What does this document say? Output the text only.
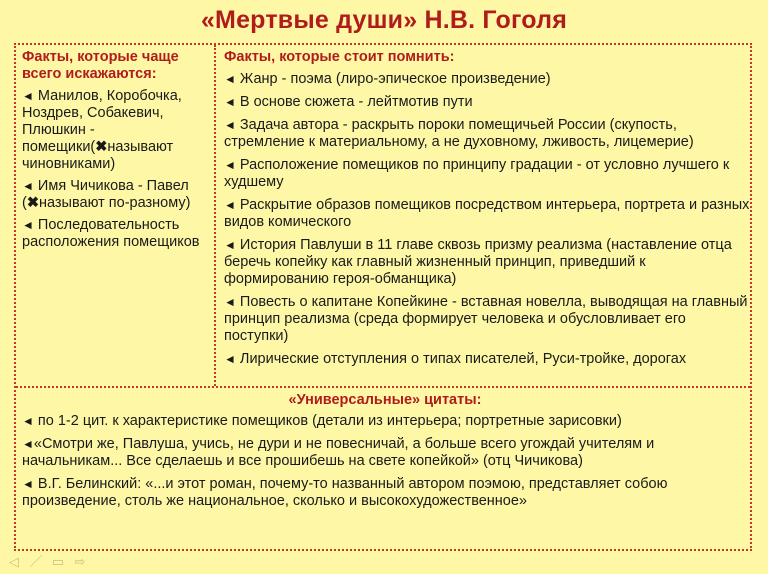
«Мертвые души» Н.В. Гоголя
Факты, которые чаще всего искажаются:
◄ Манилов, Коробочка, Ноздрев, Собакевич, Плюшкин - помещики(✖называют чиновниками)
◄ Имя Чичикова - Павел (✖называют по-разному)
◄ Последовательность расположения помещиков
Факты, которые стоит помнить:
◄ Жанр - поэма (лиро-эпическое произведение)
◄ В основе сюжета - лейтмотив пути
◄ Задача автора - раскрыть пороки помещичьей России (скупость, стремление к материальному, а не духовному, лживость, лицемерие)
◄ Расположение помещиков по принципу градации - от условно лучшего к худшему
◄ Раскрытие образов помещиков посредством интерьера, портрета и разных видов комического
◄ История Павлуши в 11 главе сквозь призму реализма (наставление отца беречь копейку как главный жизненный принцип, приведший к формированию героя-обманщика)
◄ Повесть о капитане Копейкине - вставная новелла, выводящая на главный принцип реализма (среда формирует человека и обусловливает его поступки)
◄ Лирические отступления о типах писателей, Руси-тройке, дорогах
«Универсальные» цитаты:
◄ по 1-2 цит. к характеристике помещиков (детали из интерьера; портретные зарисовки)
◄«Смотри же, Павлуша, учись, не дури и не повесничай, а больше всего угождай учителям и начальникам... Все сделаешь и все прошибешь на свете копейкой» (отц Чичикова)
◄ В.Г. Белинский: «...и этот роман, почему-то названный автором поэмою, представляет собою произведение, столь же национальное, сколько и высокохудожественное»
◁ ／ ▭ ⇨
